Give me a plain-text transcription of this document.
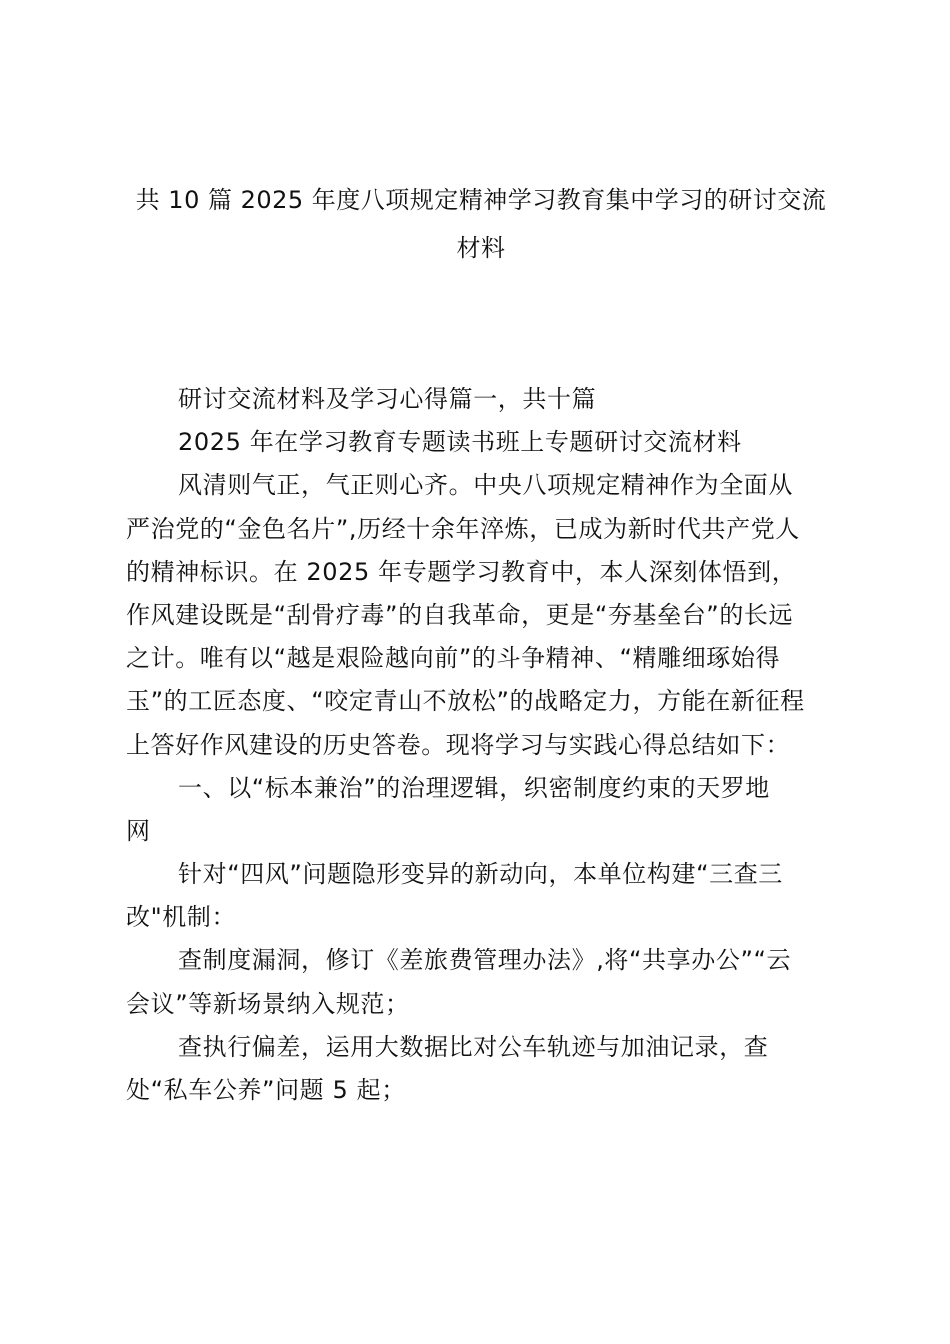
共 10 篇 2025 年度八项规定精神学习教育集中学习的研讨交流
材料
研讨交流材料及学习心得篇一，共十篇
2025 年在学习教育专题读书班上专题研讨交流材料
风清则气正，气正则心齐。中央八项规定精神作为全面从
严治党的“金色名片”,历经十余年淬炼，已成为新时代共产党人
的精神标识。在 2025 年专题学习教育中，本人深刻体悟到，
作风建设既是“刮骨疗毒”的自我革命，更是“夯基垒台”的长远
之计。唯有以“越是艰险越向前”的斗争精神、“精雕细琢始得
玉”的工匠态度、“咬定青山不放松”的战略定力，方能在新征程
上答好作风建设的历史答卷。现将学习与实践心得总结如下：
一、以“标本兼治”的治理逻辑，织密制度约束的天罗地
网
针对“四风”问题隐形变异的新动向，本单位构建“三查三
改"机制：
查制度漏洞，修订《差旅费管理办法》,将“共享办公”“云
会议”等新场景纳入规范；
查执行偏差，运用大数据比对公车轨迹与加油记录，查
处“私车公养”问题 5 起；
